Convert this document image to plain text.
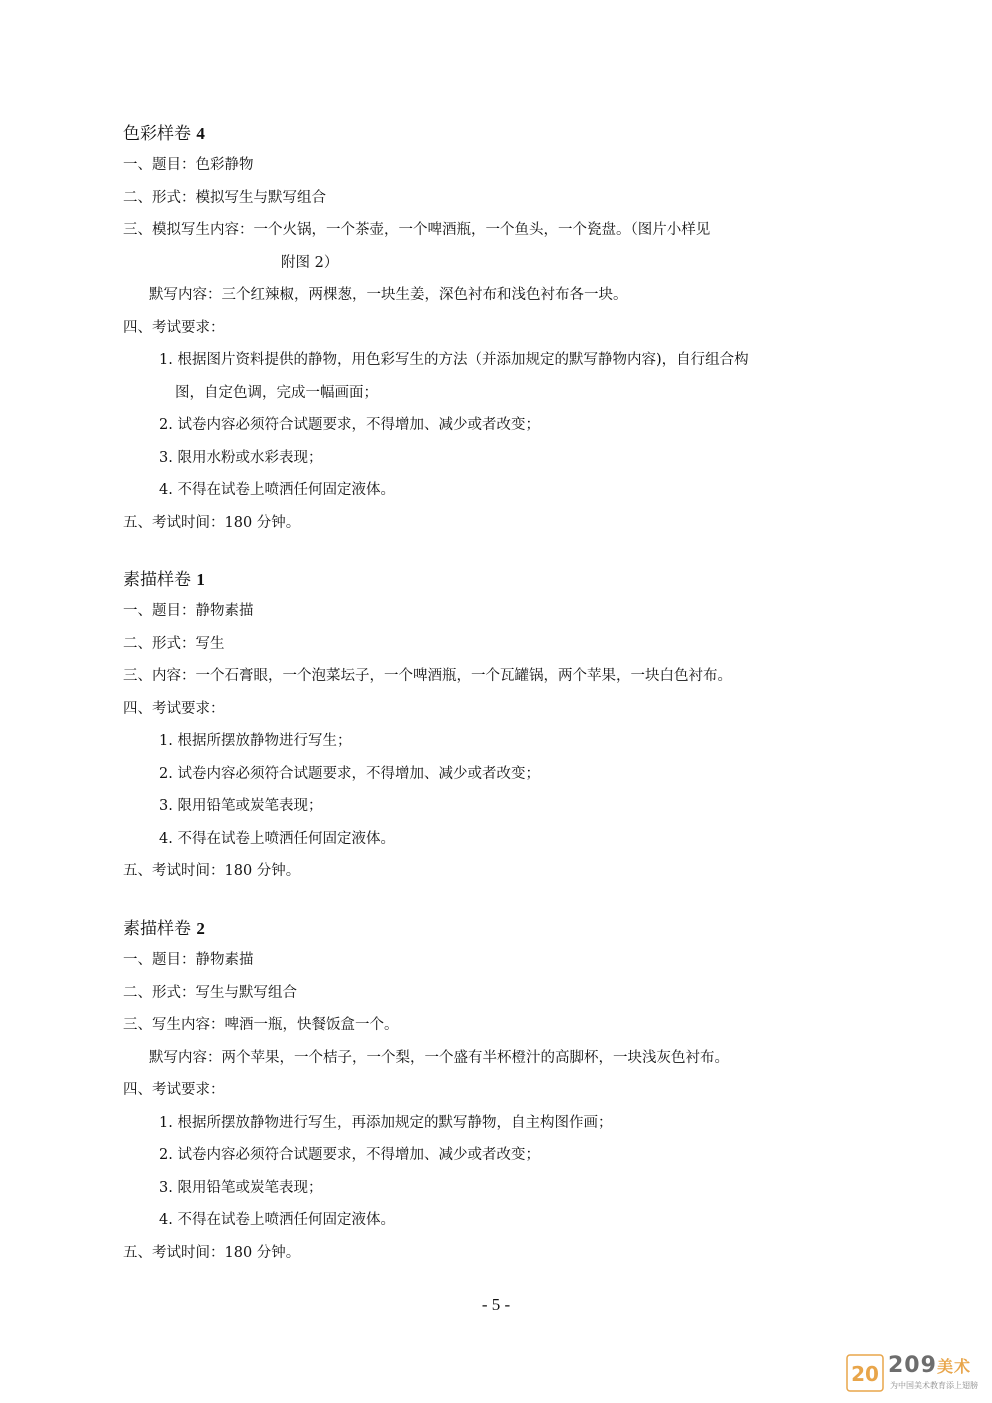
色彩样卷 4
一、题目：色彩静物
二、形式：模拟写生与默写组合
三、模拟写生内容：一个火锅，一个茶壶，一个啤酒瓶，一个鱼头，一个瓷盘。（图片小样见
附图 2）
默写内容：三个红辣椒，两棵葱，一块生姜，深色衬布和浅色衬布各一块。
四、考试要求：
1. 根据图片资料提供的静物，用色彩写生的方法（并添加规定的默写静物内容)，自行组合构
图，自定色调，完成一幅画面；
2. 试卷内容必须符合试题要求，不得增加、减少或者改变；
3. 限用水粉或水彩表现；
4. 不得在试卷上喷洒任何固定液体。
五、考试时间：180 分钟。
素描样卷 1
一、题目：静物素描
二、形式：写生
三、内容：一个石膏眼，一个泡菜坛子，一个啤酒瓶，一个瓦罐锅，两个苹果，一块白色衬布。
四、考试要求：
1. 根据所摆放静物进行写生；
2. 试卷内容必须符合试题要求，不得增加、减少或者改变；
3. 限用铅笔或炭笔表现；
4. 不得在试卷上喷洒任何固定液体。
五、考试时间：180 分钟。
素描样卷 2
一、题目：静物素描
二、形式：写生与默写组合
三、写生内容：啤酒一瓶，快餐饭盒一个。
默写内容：两个苹果，一个桔子，一个梨，一个盛有半杯橙汁的高脚杯，一块浅灰色衬布。
四、考试要求：
1. 根据所摆放静物进行写生，再添加规定的默写静物，自主构图作画；
2. 试卷内容必须符合试题要求，不得增加、减少或者改变；
3. 限用铅笔或炭笔表现；
4. 不得在试卷上喷洒任何固定液体。
五、考试时间：180 分钟。
- 5 -
20 209美术
为中国美术教育添上翅膀
